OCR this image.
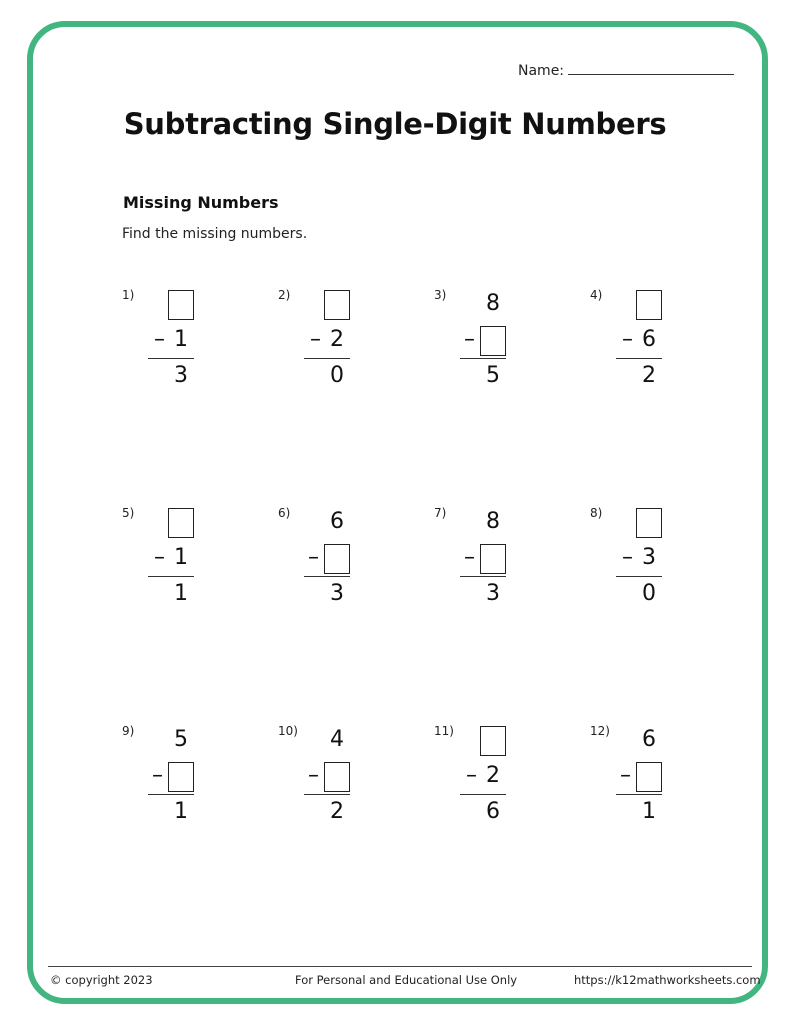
Name:
Subtracting Single-Digit Numbers
Missing Numbers
Find the missing numbers.
1)
– 1
3
2)
– 2
0
3) 8
–
5
4)
– 6
2
5)
– 1
1
6) 6
–
3
7) 8
–
3
8)
– 3
0
9) 5
–
1
10) 4
–
2
11)
– 2
6
12) 6
–
1
© copyright 2023	For Personal and Educational Use Only	https://k12mathworksheets.com
